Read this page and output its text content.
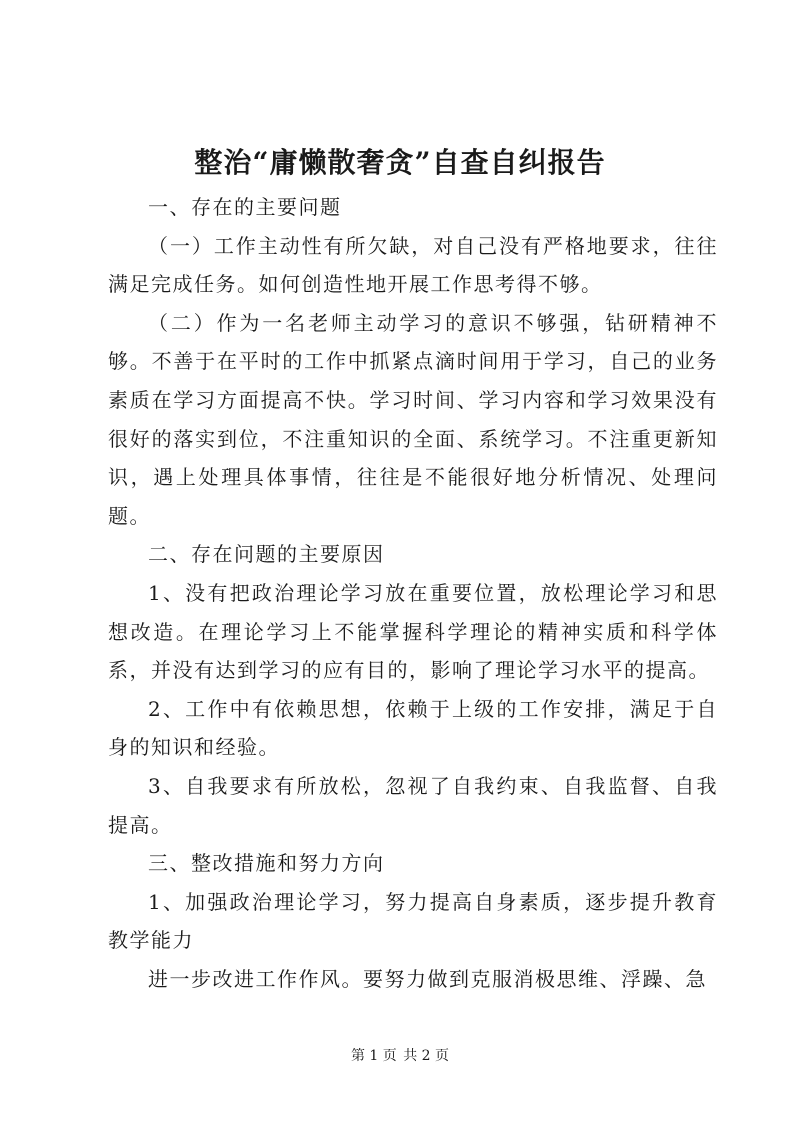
整治“庸懒散奢贪”自查自纠报告

一、存在的主要问题

（一）工作主动性有所欠缺，对自己没有严格地要求，往往满足完成任务。如何创造性地开展工作思考得不够。

（二）作为一名老师主动学习的意识不够强，钻研精神不够。不善于在平时的工作中抓紧点滴时间用于学习，自己的业务素质在学习方面提高不快。学习时间、学习内容和学习效果没有很好的落实到位，不注重知识的全面、系统学习。不注重更新知识，遇上处理具体事情，往往是不能很好地分析情况、处理问题。

二、存在问题的主要原因

1、没有把政治理论学习放在重要位置，放松理论学习和思想改造。在理论学习上不能掌握科学理论的精神实质和科学体系，并没有达到学习的应有目的，影响了理论学习水平的提高。

2、工作中有依赖思想，依赖于上级的工作安排，满足于自身的知识和经验。

3、自我要求有所放松，忽视了自我约束、自我监督、自我提高。

三、整改措施和努力方向

1、加强政治理论学习，努力提高自身素质，逐步提升教育教学能力

进一步改进工作作风。要努力做到克服消极思维、浮躁、急

第 1 页 共 2 页
